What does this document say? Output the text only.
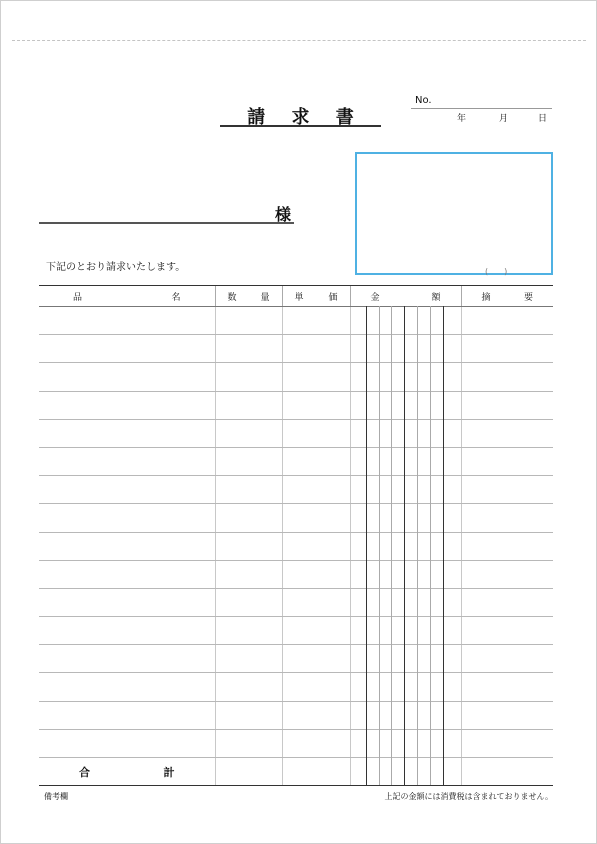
請 求 書
No.
年	月	日
様
(　　)
下記のとおり請求いたします。
品 名	数 量	単 価	金 額	摘 要

合 計				

備考欄	上記の金額には消費税は含まれておりません。
